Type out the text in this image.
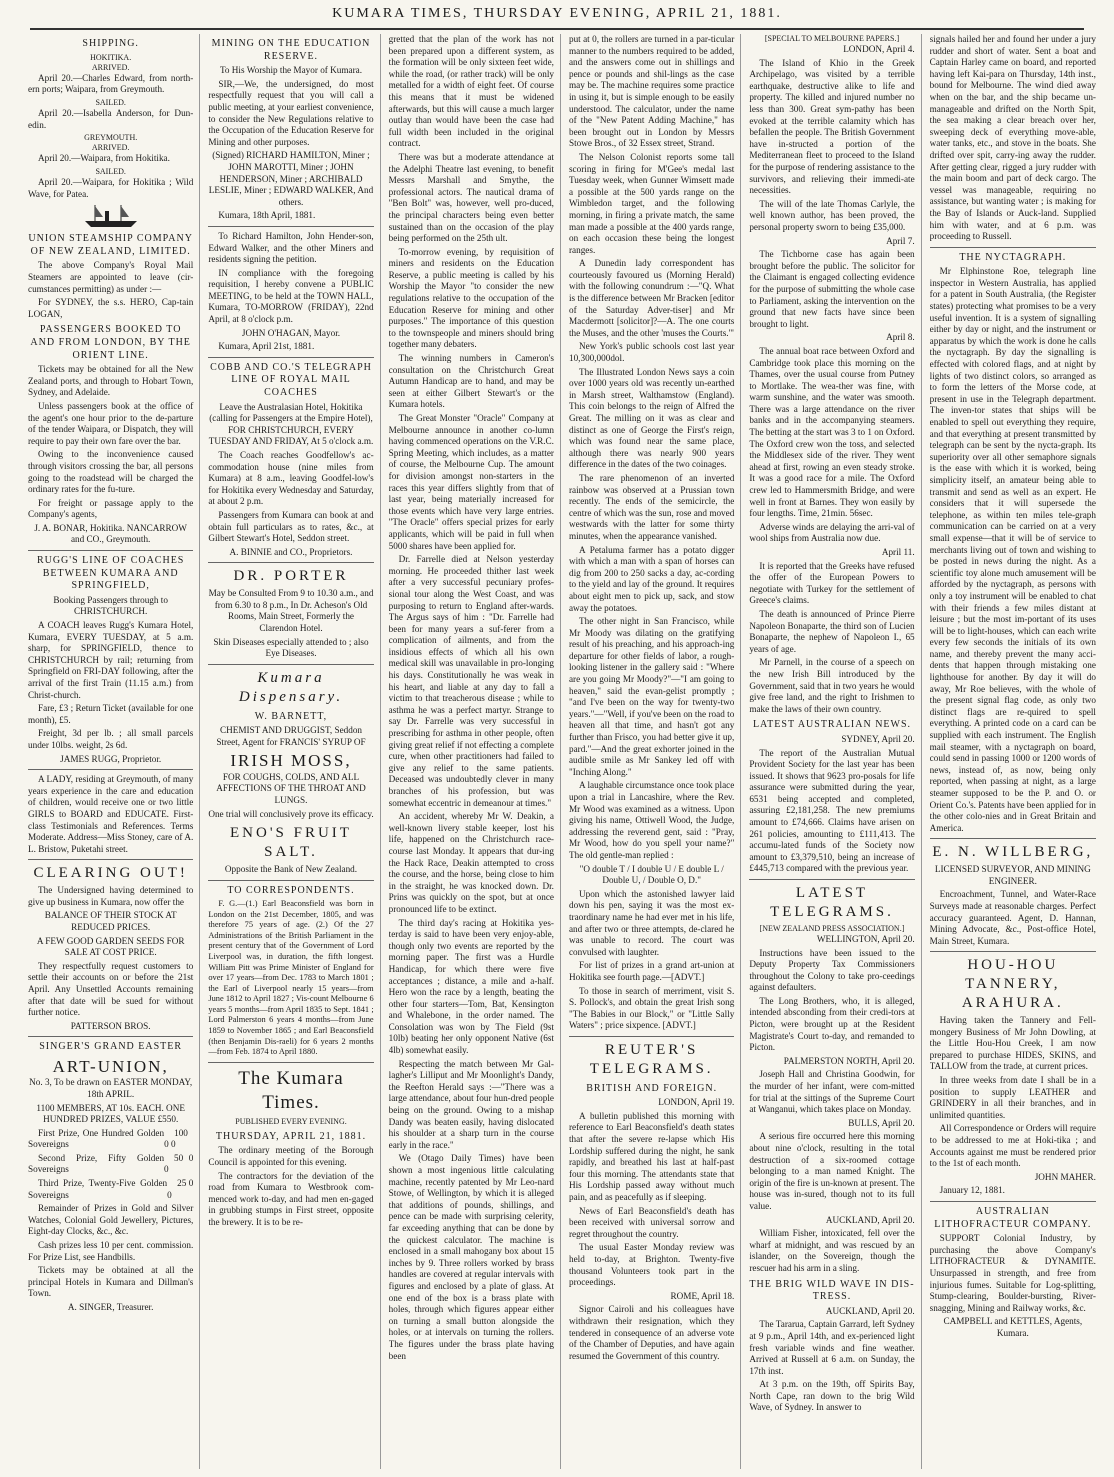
KUMARA TIMES, THURSDAY EVENING, APRIL 21, 1881.
SHIPPING.
HOKITIKA.
ARRIVED.

April 20.—Charles Edward, from north-ern ports; Waipara, from Greymouth.

SAILED.

April 20.—Isabella Anderson, for Dun-edin.

GREYMOUTH.
ARRIVED.

April 20.—Waipara, from Hokitika.

SAILED.

April 20.—Waipara, for Hokitika ; Wild Wave, for Patea.

UNION STEAMSHIP COMPANY OF NEW ZEALAND, LIMITED.

The above Company's Royal Mail Steamers are appointed to leave (cir-cumstances permitting) as under :—

For SYDNEY, the s.s. HERO, Cap-tain LOGAN,

PASSENGERS BOOKED TO AND FROM LONDON, BY THE ORIENT LINE.

Tickets may be obtained for all the New Zealand ports, and through to Hobart Town, Sydney, and Adelaide.

Unless passengers book at the office of the agent's one hour prior to the de-parture of the tender Waipara, or Dispatch, they will require to pay their own fare over the bar.

Owing to the inconvenience caused through visitors crossing the bar, all persons going to the roadstead will be charged the ordinary rates for the fu-ture.

For freight or passage apply to the Company's agents,

J. A. BONAR, Hokitika. NANCARROW and CO., Greymouth.

RUGG'S LINE OF COACHES BETWEEN KUMARA AND SPRINGFIELD,

Booking Passengers through to CHRISTCHURCH.

A COACH leaves Rugg's Kumara Hotel, Kumara, EVERY TUESDAY, at 5 a.m. sharp, for SPRINGFIELD, thence to CHRISTCHURCH by rail; returning from Springfield on FRI-DAY following, after the arrival of the first Train (11.15 a.m.) from Christ-church.

Fare, £3 ; Return Ticket (available for one month), £5.

Freight, 3d per lb. ; all small parcels under 10lbs. weight, 2s 6d.

JAMES RUGG, Proprietor.

A LADY, residing at Greymouth, of many years experience in the care and education of children, would receive one or two little GIRLS to BOARD and EDUCATE. First-class Testimonials and References. Terms Moderate. Address—Miss Stoney, care of A. L. Bristow, Puketahi street.

CLEARING OUT!

The Undersigned having determined to give up business in Kumara, now offer the

BALANCE OF THEIR STOCK AT REDUCED PRICES.

A FEW GOOD GARDEN SEEDS FOR SALE AT COST PRICE.

They respectfully request customers to settle their accounts on or before the 21st April. Any Unsettled Accounts remaining after that date will be sued for without further notice.

PATTERSON BROS.

SINGER'S GRAND EASTER
ART-UNION,

No. 3, To be drawn on EASTER MONDAY, 18th APRIL.

1100 MEMBERS, AT 10s. EACH. ONE HUNDRED PRIZES, VALUE £550.

First Prize, One Hundred Golden Sovereigns
100 0 0

Second Prize, Fifty Golden Sovereigns
50 0 0

Third Prize, Twenty-Five Golden Sovereigns
25 0 0

Remainder of Prizes in Gold and Silver Watches, Colonial Gold Jewellery, Pictures, Eight-day Clocks, &c., &c.

Cash prizes less 10 per cent. commission. For Prize List, see Handbills.

Tickets may be obtained at all the principal Hotels in Kumara and Dillman's Town.

A. SINGER, Treasurer.

MINING ON THE EDUCATION RESERVE.

To His Worship the Mayor of Kumara.

SIR,—We, the undersigned, do most respectfully request that you will call a public meeting, at your earliest convenience, to consider the New Regulations relative to the Occupation of the Education Reserve for Mining and other purposes.

(Signed) RICHARD HAMILTON, Miner ; JOHN MAROTTI, Miner ; JOHN HENDERSON, Miner ; ARCHIBALD LESLIE, Miner ; EDWARD WALKER, And others.

Kumara, 18th April, 1881.

To Richard Hamilton, John Hender-son, Edward Walker, and the other Miners and residents signing the petition.

IN compliance with the foregoing requisition, I hereby convene a PUBLIC MEETING, to be held at the TOWN HALL, Kumara, TO-MORROW (FRIDAY), 22nd April, at 8 o'clock p.m.

JOHN O'HAGAN, Mayor.

Kumara, April 21st, 1881.

COBB AND CO.'S TELEGRAPH LINE OF ROYAL MAIL COACHES

Leave the Australasian Hotel, Hokitika (calling for Passengers at the Empire Hotel), FOR CHRISTCHURCH, EVERY TUESDAY AND FRIDAY, At 5 o'clock a.m.

The Coach reaches Goodfellow's ac-commodation house (nine miles from Kumara) at 8 a.m., leaving Goodfel-low's for Hokitika every Wednesday and Saturday, at about 2 p.m.

Passengers from Kumara can book at and obtain full particulars as to rates, &c., at Gilbert Stewart's Hotel, Seddon street.

A. BINNIE and CO., Proprietors.

DR. PORTER

May be Consulted From 9 to 10.30 a.m., and from 6.30 to 8 p.m., In Dr. Acheson's Old Rooms, Main Street, Formerly the Clarendon Hotel.

Skin Diseases especially attended to ; also Eye Diseases.

Kumara Dispensary.
W. BARNETT,

CHEMIST AND DRUGGIST, Seddon Street, Agent for FRANCIS' SYRUP OF

IRISH MOSS,

FOR COUGHS, COLDS, AND ALL AFFECTIONS OF THE THROAT AND LUNGS.

One trial will conclusively prove its efficacy.

ENO'S FRUIT SALT.

Opposite the Bank of New Zealand.

TO CORRESPONDENTS.

F. G.—(1.) Earl Beaconsfield was born in London on the 21st December, 1805, and was therefore 75 years of age. (2.) Of the 27 Administrations of the British Parliament in the present century that of the Government of Lord Liverpool was, in duration, the fifth longest. William Pitt was Prime Minister of England for over 17 years—from Dec. 1783 to March 1801 ; the Earl of Liverpool nearly 15 years—from June 1812 to April 1827 ; Vis-count Melbourne 6 years 5 months—from April 1835 to Sept. 1841 ; Lord Palmerston 6 years 4 months—from June 1859 to November 1865 ; and Earl Beaconsfield (then Benjamin Dis-raeli) for 6 years 2 months—from Feb. 1874 to April 1880.

The Kumara Times.
PUBLISHED EVERY EVENING.
THURSDAY, APRIL 21, 1881.

The ordinary meeting of the Borough Council is appointed for this evening.

The contractors for the deviation of the road from Kumara to Westbrook com-menced work to-day, and had men en-gaged in grubbing stumps in First street, opposite the brewery. It is to be re-

gretted that the plan of the work has not been prepared upon a different system, as the formation will be only sixteen feet wide, while the road, (or rather track) will be only metalled for a width of eight feet. Of course this means that it must be widened afterwards, but this will cause a much larger outlay than would have been the case had full width been included in the original contract.

There was but a moderate attendance at the Adelphi Theatre last evening, to benefit Messrs Marshall and Smythe, the professional actors. The nautical drama of "Ben Bolt" was, however, well pro-duced, the principal characters being even better sustained than on the occasion of the play being performed on the 25th ult.

To-morrow evening, by requisition of miners and residents on the Education Reserve, a public meeting is called by his Worship the Mayor "to consider the new regulations relative to the occupation of the Education Reserve for mining and other purposes." The importance of this question to the townspeople and miners should bring together many debaters.

The winning numbers in Cameron's consultation on the Christchurch Great Autumn Handicap are to hand, and may be seen at either Gilbert Stewart's or the Kumara hotels.

The Great Monster "Oracle" Company at Melbourne announce in another co-lumn having commenced operations on the V.R.C. Spring Meeting, which includes, as a matter of course, the Melbourne Cup. The amount for division amongst non-starters in the races this year differs slightly from that of last year, being materially increased for those events which have very large entries. "The Oracle" offers special prizes for early applicants, which will be paid in full when 5000 shares have been applied for.

Dr. Farrelle died at Nelson yesterday morning. He proceeded thither last week after a very successful pecuniary profes-sional tour along the West Coast, and was purposing to return to England after-wards. The Argus says of him : "Dr. Farrelle had been for many years a suf-ferer from a complication of ailments, and from the insidious effects of which all his own medical skill was unavailable in pro-longing his days. Constitutionally he was weak in his heart, and liable at any day to fall a victim to that treacherous disease ; while to asthma he was a perfect martyr. Strange to say Dr. Farrelle was very successful in prescribing for asthma in other people, often giving great relief if not effecting a complete cure, when other practitioners had failed to give any relief to the same patients. Deceased was undoubtedly clever in many branches of his profession, but was somewhat eccentric in demeanour at times."

An accident, whereby Mr W. Deakin, a well-known livery stable keeper, lost his life, happened on the Christchurch race-course last Monday. It appears that dur-ing the Hack Race, Deakin attempted to cross the course, and the horse, being close to him in the straight, he was knocked down. Dr. Prins was quickly on the spot, but at once pronounced life to be extinct.

The third day's racing at Hokitika yes-terday is said to have been very enjoy-able, though only two events are reported by the morning paper. The first was a Hurdle Handicap, for which there were five acceptances ; distance, a mile and a-half. Hero won the race by a length, beating the other four starters—Tom, Bat, Kensington and Whalebone, in the order named. The Consolation was won by The Field (9st 10lb) beating her only opponent Native (6st 4lb) somewhat easily.

Respecting the match between Mr Gal-lagher's Lilliput and Mr Moonlight's Dandy, the Reefton Herald says :—"There was a large attendance, about four hun-dred people being on the ground. Owing to a mishap Dandy was beaten easily, having dislocated his shoulder at a sharp turn in the course early in the race."

We (Otago Daily Times) have been shown a most ingenious little calculating machine, recently patented by Mr Leo-nard Stowe, of Wellington, by which it is alleged that additions of pounds, shillings, and pence can be made with surprising celerity, far exceeding anything that can be done by the quickest calculator. The machine is enclosed in a small mahogany box about 15 inches by 9. Three rollers worked by brass handles are covered at regular intervals with figures and enclosed by a plate of glass. At one end of the box is a brass plate with holes, through which figures appear either on turning a small button alongside the holes, or at intervals on turning the rollers. The figures under the brass plate having been

put at 0, the rollers are turned in a par-ticular manner to the numbers required to be added, and the answers come out in shillings and pence or pounds and shil-lings as the case may be. The machine requires some practice in using it, but is simple enough to be easily understood. The calculator, under the name of the "New Patent Adding Machine," has been brought out in London by Messrs Stowe Bros., of 32 Essex street, Strand.

The Nelson Colonist reports some tall scoring in firing for M'Gee's medal last Tuesday week, when Gunner Wimsett made a possible at the 500 yards range on the Wimbledon target, and the following morning, in firing a private match, the same man made a possible at the 400 yards range, on each occasion these being the longest ranges.

A Dunedin lady correspondent has courteously favoured us (Morning Herald) with the following conundrum :—"Q. What is the difference between Mr Bracken [editor of the Saturday Adver-tiser] and Mr Macdermott [solicitor]?—A. The one courts the Muses, and the other 'muses the Courts.'"

New York's public schools cost last year 10,300,000dol.

The Illustrated London News says a coin over 1000 years old was recently un-earthed in Marsh street, Walthamstow (England). This coin belongs to the reign of Alfred the Great. The milling on it was as clear and distinct as one of George the First's reign, which was found near the same place, although there was nearly 900 years difference in the dates of the two coinages.

The rare phenomenon of an inverted rainbow was observed at a Prussian town recently. The ends of the semicircle, the centre of which was the sun, rose and moved westwards with the latter for some thirty minutes, when the appearance vanished.

A Petaluma farmer has a potato digger with which a man with a span of horses can dig from 200 to 250 sacks a day, ac-cording to the yield and lay of the ground. It requires about eight men to pick up, sack, and stow away the potatoes.

The other night in San Francisco, while Mr Moody was dilating on the gratifying result of his preaching, and his approach-ing departure for other fields of labor, a rough-looking listener in the gallery said : "Where are you going Mr Moody?"—"I am going to heaven," said the evan-gelist promptly ; "and I've been on the way for twenty-two years."—"Well, if you've been on the road to heaven all that time, and hasn't got any further than Frisco, you had better give it up, pard."—And the great exhorter joined in the audible smile as Mr Sankey led off with "Inching Along."

A laughable circumstance once took place upon a trial in Lancashire, where the Rev. Mr Wood was examined as a witness. Upon giving his name, Ottiwell Wood, the Judge, addressing the reverend gent, said : "Pray, Mr Wood, how do you spell your name?" The old gentle-man replied :

"O double T / I double U / E double L / Double U, / Double O, D."

Upon which the astonished lawyer laid down his pen, saying it was the most ex-traordinary name he had ever met in his life, and after two or three attempts, de-clared he was unable to record. The court was convulsed with laughter.

For list of prizes in a grand art-union at Hokitika see fourth page.—[ADVT.]

To those in search of merriment, visit S. S. Pollock's, and obtain the great Irish song "The Babies in our Block," or "Little Sally Waters" ; price sixpence. [ADVT.]

REUTER'S TELEGRAMS.
BRITISH AND FOREIGN.

LONDON, April 19.

A bulletin published this morning with reference to Earl Beaconsfield's death states that after the severe re-lapse which His Lordship suffered during the night, he sank rapidly, and breathed his last at half-past four this morning. The attendants state that His Lordship passed away without much pain, and as peacefully as if sleeping.

News of Earl Beaconsfield's death has been received with universal sorrow and regret throughout the country.

The usual Easter Monday review was held to-day, at Brighton. Twenty-five thousand Volunteers took part in the proceedings.

ROME, April 18.

Signor Cairoli and his colleagues have withdrawn their resignation, which they tendered in consequence of an adverse vote of the Chamber of Deputies, and have again resumed the Government of this country.

[SPECIAL TO MELBOURNE PAPERS.]

LONDON, April 4.

The Island of Khio in the Greek Archipelago, was visited by a terrible earthquake, destructive alike to life and property. The killed and injured number no less than 300. Great sym-pathy has been evoked at the terrible calamity which has befallen the people. The British Government have in-structed a portion of the Mediterranean fleet to proceed to the Island for the purpose of rendering assistance to the survivors, and relieving their immedi-ate necessities.

The will of the late Thomas Carlyle, the well known author, has been proved, the personal property sworn to being £35,000.

April 7.

The Tichborne case has again been brought before the public. The solicitor for the Claimant is engaged collecting evidence for the purpose of submitting the whole case to Parliament, asking the intervention on the ground that new facts have since been brought to light.

April 8.

The annual boat race between Oxford and Cambridge took place this morning on the Thames, over the usual course from Putney to Mortlake. The wea-ther was fine, with warm sunshine, and the water was smooth. There was a large attendance on the river banks and in the accompanying steamers. The betting at the start was 3 to 1 on Oxford. The Oxford crew won the toss, and selected the Middlesex side of the river. They went ahead at first, rowing an even steady stroke. It was a good race for a mile. The Oxford crew led to Hammersmith Bridge, and were well in front at Barnes. They won easily by four lengths. Time, 21min. 56sec.

Adverse winds are delaying the arri-val of wool ships from Australia now due.

April 11.

It is reported that the Greeks have refused the offer of the European Powers to negotiate with Turkey for the settlement of Greece's claims.

The death is announced of Prince Pierre Napoleon Bonaparte, the third son of Lucien Bonaparte, the nephew of Napoleon I., 65 years of age.

Mr Parnell, in the course of a speech on the new Irish Bill introduced by the Government, said that in two years he would give free land, and the right to Irishmen to make the laws of their own country.

LATEST AUSTRALIAN NEWS.

SYDNEY, April 20.

The report of the Australian Mutual Provident Society for the last year has been issued. It shows that 9623 pro-posals for life assurance were submitted during the year, 6531 being accepted and completed, assuring £2,181,258. The new premiums amount to £74,666. Claims have arisen on 261 policies, amounting to £111,413. The accumu-lated funds of the Society now amount to £3,379,510, being an increase of £445,713 compared with the previous year.

LATEST TELEGRAMS.
[NEW ZEALAND PRESS ASSOCIATION.]

WELLINGTON, April 20.

Instructions have been issued to the Deputy Property Tax Commissioners throughout the Colony to take pro-ceedings against defaulters.

The Long Brothers, who, it is alleged, intended absconding from their credi-tors at Picton, were brought up at the Resident Magistrate's Court to-day, and remanded to Picton.

PALMERSTON NORTH, April 20.

Joseph Hall and Christina Goodwin, for the murder of her infant, were com-mitted for trial at the sittings of the Supreme Court at Wanganui, which takes place on Monday.

BULLS, April 20.

A serious fire occurred here this morning about nine o'clock, resulting in the total destruction of a six-roomed cottage belonging to a man named Knight. The origin of the fire is un-known at present. The house was in-sured, though not to its full value.

AUCKLAND, April 20.

William Fisher, intoxicated, fell over the wharf at midnight, and was rescued by an islander, on the Sovereign, though the rescuer had his arm in a sling.

THE BRIG WILD WAVE IN DIS-TRESS.

AUCKLAND, April 20.

The Tararua, Captain Garrard, left Sydney at 9 p.m., April 14th, and ex-perienced light fresh variable winds and fine weather. Arrived at Russell at 6 a.m. on Sunday, the 17th inst.

At 3 p.m. on the 19th, off Spirits Bay, North Cape, ran down to the brig Wild Wave, of Sydney. In answer to

signals hailed her and found her under a jury rudder and short of water. Sent a boat and Captain Harley came on board, and reported having left Kai-para on Thursday, 14th inst., bound for Melbourne. The wind died away when on the bar, and the ship became un-manageable and drifted on the North Spit, the sea making a clear breach over her, sweeping deck of everything move-able, water tanks, etc., and stove in the boats. She drifted over spit, carry-ing away the rudder. After getting clear, rigged a jury rudder with the main boom and part of deck cargo. The vessel was manageable, requiring no assistance, but wanting water ; is making for the Bay of Islands or Auck-land. Supplied him with water, and at 6 p.m. was proceeding to Russell.

THE NYCTAGRAPH.

Mr Elphinstone Roe, telegraph line inspector in Western Australia, has applied for a patent in South Australia, (the Register states) protecting what promises to be a very useful invention. It is a system of signalling either by day or night, and the instrument or apparatus by which the work is done he calls the nyctagraph. By day the signalling is effected with colored flags, and at night by lights of two distinct colors, so arranged as to form the letters of the Morse code, at present in use in the Telegraph department. The inven-tor states that ships will be enabled to spell out everything they require, and that everything at present transmitted by telegraph can be sent by the nycta-graph. Its superiority over all other semaphore signals is the ease with which it is worked, being simplicity itself, an amateur being able to transmit and send as well as an expert. He considers that it will supersede the telephone, as within ten miles tele-graph communication can be carried on at a very small expense—that it will be of service to merchants living out of town and wishing to be posted in news during the night. As a scientific toy alone much amusement will be afforded by the nyctagraph, as persons with only a toy instrument will be enabled to chat with their friends a few miles distant at leisure ; but the most im-portant of its uses will be to light-houses, which can each write every few seconds the initials of its own name, and thereby prevent the many acci-dents that happen through mistaking one lighthouse for another. By day it will do away, Mr Roe believes, with the whole of the present signal flag code, as only two distinct flags are re-quired to spell everything. A printed code on a card can be supplied with each instrument. The English mail steamer, with a nyctagraph on board, could send in passing 1000 or 1200 words of news, instead of, as now, being only reported, when passing at night, as a large steamer supposed to be the P. and O. or Orient Co.'s. Patents have been applied for in the other colo-nies and in Great Britain and America.

E. N. WILLBERG,

LICENSED SURVEYOR, AND MINING ENGINEER.

Encroachment, Tunnel, and Water-Race Surveys made at reasonable charges. Perfect accuracy guaranteed. Agent, D. Hannan, Mining Advocate, &c., Post-office Hotel, Main Street, Kumara.

HOU-HOU TANNERY, ARAHURA.

Having taken the Tannery and Fell-mongery Business of Mr John Dowling, at the Little Hou-Hou Creek, I am now prepared to purchase HIDES, SKINS, and TALLOW from the trade, at current prices.

In three weeks from date I shall be in a position to supply LEATHER and GRINDERY in all their branches, and in unlimited quantities.

All Correspondence or Orders will require to be addressed to me at Hoki-tika ; and Accounts against me must be rendered prior to the 1st of each month.

JOHN MAHER.

January 12, 1881.

AUSTRALIAN LITHOFRACTEUR COMPANY.

SUPPORT Colonial Industry, by purchasing the above Company's LITHOFRACTEUR & DYNAMITE. Unsurpassed in strength, and free from injurious fumes. Suitable for Log-splitting, Stump-clearing, Boulder-bursting, River-snagging, Mining and Railway works, &c.

CAMPBELL and KETTLES, Agents, Kumara.
